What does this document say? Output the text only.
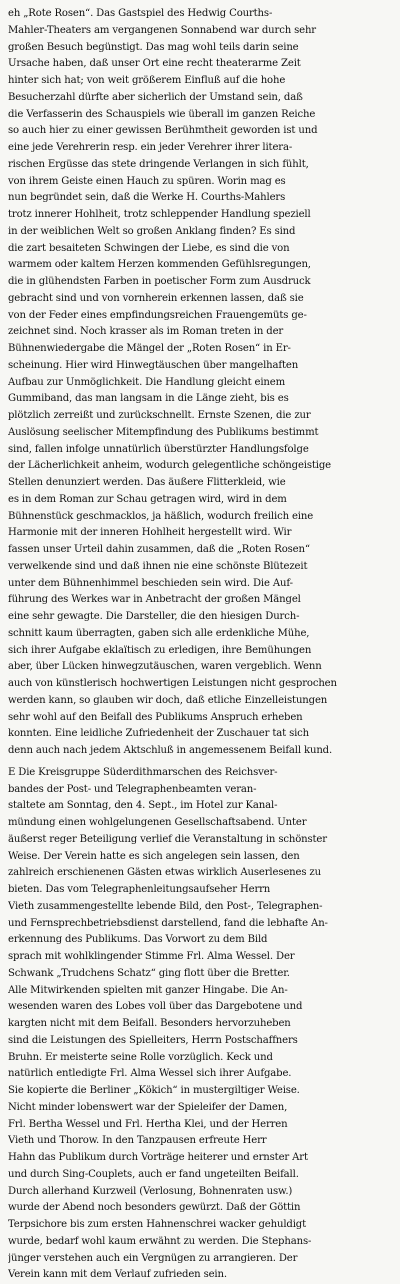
eh „Rote Rosen“. Das Gastspiel des Hedwig Courths-
Mahler-Theaters am vergangenen Sonnabend war durch sehr
großen Besuch begünstigt. Das mag wohl teils darin seine
Ursache haben, daß unser Ort eine recht theaterarme Zeit
hinter sich hat; von weit größerem Einfluß auf die hohe
Besucherzahl dürfte aber sicherlich der Umstand sein, daß
die Verfasserin des Schauspiels wie überall im ganzen Reiche
so auch hier zu einer gewissen Berühmtheit geworden ist und
eine jede Verehrerin resp. ein jeder Verehrer ihrer litera-
rischen Ergüsse das stete dringende Verlangen in sich fühlt,
von ihrem Geiste einen Hauch zu spüren. Worin mag es
nun begründet sein, daß die Werke H. Courths-Mahlers
trotz innerer Hohlheit, trotz schleppender Handlung speziell
in der weiblichen Welt so großen Anklang finden? Es sind
die zart besaiteten Schwingen der Liebe, es sind die von
warmem oder kaltem Herzen kommenden Gefühlsregungen,
die in glühendsten Farben in poetischer Form zum Ausdruck
gebracht sind und von vornherein erkennen lassen, daß sie
von der Feder eines empfindungsreichen Frauengemüts ge-
zeichnet sind. Noch krasser als im Roman treten in der
Bühnenwiedergabe die Mängel der „Roten Rosen“ in Er-
scheinung. Hier wird Hinwegtäuschen über mangelhaften
Aufbau zur Unmöglichkeit. Die Handlung gleicht einem
Gummiband, das man langsam in die Länge zieht, bis es
plötzlich zerreißt und zurückschnellt. Ernste Szenen, die zur
Auslösung seelischer Mitempfindung des Publikums bestimmt
sind, fallen infolge unnatürlich überstürzter Handlungsfolge
der Lächerlichkeit anheim, wodurch gelegentliche schöngeistige
Stellen denunziert werden. Das äußere Flitterkleid, wie
es in dem Roman zur Schau getragen wird, wird in dem
Bühnenstück geschmacklos, ja häßlich, wodurch freilich eine
Harmonie mit der inneren Hohlheit hergestellt wird. Wir
fassen unser Urteil dahin zusammen, daß die „Roten Rosen“
verwelkende sind und daß ihnen nie eine schönste Blütezeit
unter dem Bühnenhimmel beschieden sein wird. Die Auf-
führung des Werkes war in Anbetracht der großen Mängel
eine sehr gewagte. Die Darsteller, die den hiesigen Durch-
schnitt kaum überragten, gaben sich alle erdenkliche Mühe,
sich ihrer Aufgabe eklaïtisch zu erledigen, ihre Bemühungen
aber, über Lücken hinwegzutäuschen, waren vergeblich. Wenn
auch von künstlerisch hochwertigen Leistungen nicht gesprochen
werden kann, so glauben wir doch, daß etliche Einzelleistungen
sehr wohl auf den Beifall des Publikums Anspruch erheben
konnten. Eine leidliche Zufriedenheit der Zuschauer tat sich
denn auch nach jedem Aktschluß in angemessenem Beifall kund.
E Die Kreisgruppe Süderdithmarschen des Reichsver-
bandes der Post- und Telegraphenbeamten veran-
staltete am Sonntag, den 4. Sept., im Hotel zur Kanal-
mündung einen wohlgelungenen Gesellschaftsabend. Unter
äußerst reger Beteiligung verlief die Veranstaltung in schönster
Weise. Der Verein hatte es sich angelegen sein lassen, den
zahlreich erschienenen Gästen etwas wirklich Auserlesenes zu
bieten. Das vom Telegraphenleitungsaufseher Herrn
Vieth zusammengestellte lebende Bild, den Post-, Telegraphen-
und Fernsprechbetriebsdienst darstellend, fand die lebhafte An-
erkennung des Publikums. Das Vorwort zu dem Bild
sprach mit wohlklingender Stimme Frl. Alma Wessel. Der
Schwank „Trudchens Schatz“ ging flott über die Bretter.
Alle Mitwirkenden spielten mit ganzer Hingabe. Die An-
wesenden waren des Lobes voll über das Dargebotene und
kargten nicht mit dem Beifall. Besonders hervorzuheben
sind die Leistungen des Spielleiters, Herrn Postschaffners
Bruhn. Er meisterte seine Rolle vorzüglich. Keck und
natürlich entledigte Frl. Alma Wessel sich ihrer Aufgabe.
Sie kopierte die Berliner „Kökich“ in mustergiltiger Weise.
Nicht minder lobenswert war der Spieleifer der Damen,
Frl. Bertha Wessel und Frl. Hertha Klei, und der Herren
Vieth und Thorow. In den Tanzpausen erfreute Herr
Hahn das Publikum durch Vorträge heiterer und ernster Art
und durch Sing-Couplets, auch er fand ungeteilten Beifall.
Durch allerhand Kurzweil (Verlosung, Bohnenraten usw.)
wurde der Abend noch besonders gewürzt. Daß der Göttin
Terpsichore bis zum ersten Hahnenschrei wacker gehuldigt
wurde, bedarf wohl kaum erwähnt zu werden. Die Stephans-
jünger verstehen auch ein Vergnügen zu arrangieren. Der
Verein kann mit dem Verlauf zufrieden sein.
